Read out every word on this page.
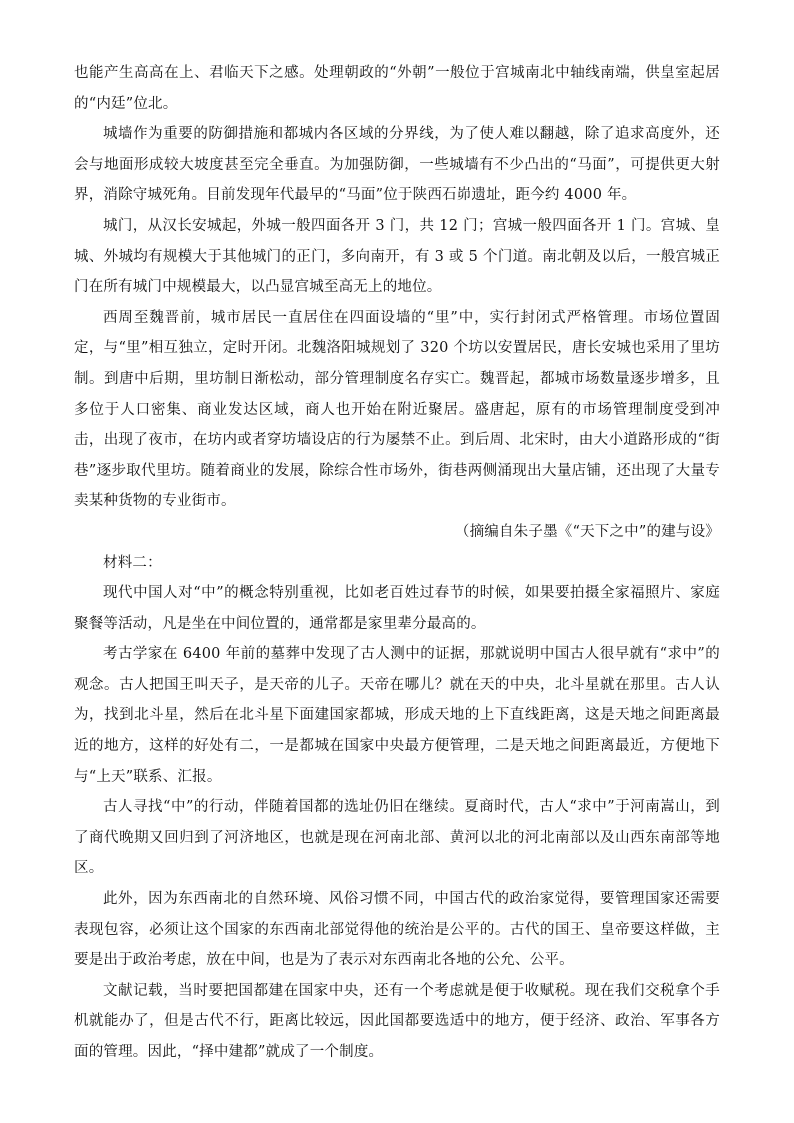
也能产生高高在上、君临天下之感。处理朝政的“外朝”一般位于宫城南北中轴线南端，供皇室起居的“内廷”位北。

城墙作为重要的防御措施和都城内各区域的分界线，为了使人难以翻越，除了追求高度外，还会与地面形成较大坡度甚至完全垂直。为加强防御，一些城墙有不少凸出的“马面”，可提供更大射界，消除守城死角。目前发现年代最早的“马面”位于陕西石峁遗址，距今约 4000 年。

城门，从汉长安城起，外城一般四面各开 3 门，共 12 门；宫城一般四面各开 1 门。宫城、皇城、外城均有规模大于其他城门的正门，多向南开，有 3 或 5 个门道。南北朝及以后，一般宫城正门在所有城门中规模最大，以凸显宫城至高无上的地位。

西周至魏晋前，城市居民一直居住在四面设墙的“里”中，实行封闭式严格管理。市场位置固定，与“里”相互独立，定时开闭。北魏洛阳城规划了 320 个坊以安置居民，唐长安城也采用了里坊制。到唐中后期，里坊制日渐松动，部分管理制度名存实亡。魏晋起，都城市场数量逐步增多，且多位于人口密集、商业发达区域，商人也开始在附近聚居。盛唐起，原有的市场管理制度受到冲击，出现了夜市，在坊内或者穿坊墙设店的行为屡禁不止。到后周、北宋时，由大小道路形成的“街巷”逐步取代里坊。随着商业的发展，除综合性市场外，街巷两侧涌现出大量店铺，还出现了大量专卖某种货物的专业街市。

（摘编自朱子墨《“天下之中”的建与设》

材料二：

现代中国人对“中”的概念特别重视，比如老百姓过春节的时候，如果要拍摄全家福照片、家庭聚餐等活动，凡是坐在中间位置的，通常都是家里辈分最高的。

考古学家在 6400 年前的墓葬中发现了古人测中的证据，那就说明中国古人很早就有“求中”的观念。古人把国王叫天子，是天帝的儿子。天帝在哪儿？就在天的中央，北斗星就在那里。古人认为，找到北斗星，然后在北斗星下面建国家都城，形成天地的上下直线距离，这是天地之间距离最近的地方，这样的好处有二，一是都城在国家中央最方便管理，二是天地之间距离最近，方便地下与“上天”联系、汇报。

古人寻找“中”的行动，伴随着国都的选址仍旧在继续。夏商时代，古人“求中”于河南嵩山，到了商代晚期又回归到了河济地区，也就是现在河南北部、黄河以北的河北南部以及山西东南部等地区。

此外，因为东西南北的自然环境、风俗习惯不同，中国古代的政治家觉得，要管理国家还需要表现包容，必须让这个国家的东西南北部觉得他的统治是公平的。古代的国王、皇帝要这样做，主要是出于政治考虑，放在中间，也是为了表示对东西南北各地的公允、公平。

文献记载，当时要把国都建在国家中央，还有一个考虑就是便于收赋税。现在我们交税拿个手机就能办了，但是古代不行，距离比较远，因此国都要选适中的地方，便于经济、政治、军事各方面的管理。因此，“择中建都”就成了一个制度。
